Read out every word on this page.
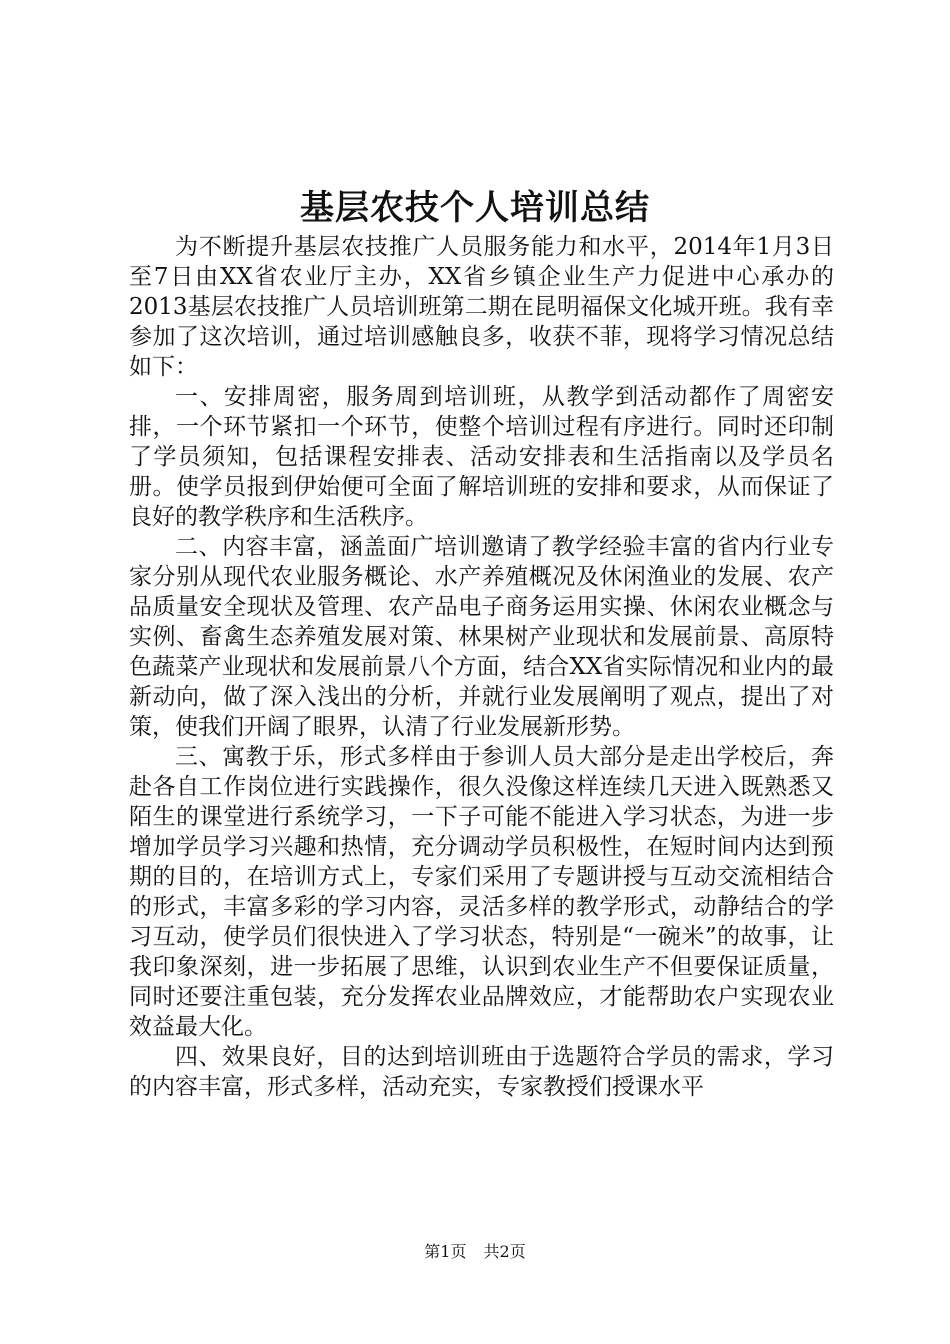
基层农技个人培训总结

为不断提升基层农技推广人员服务能力和水平，2014年1月3日至7日由XX省农业厅主办，XX省乡镇企业生产力促进中心承办的2013基层农技推广人员培训班第二期在昆明福保文化城开班。我有幸参加了这次培训，通过培训感触良多，收获不菲，现将学习情况总结如下：

一、安排周密，服务周到培训班，从教学到活动都作了周密安排，一个环节紧扣一个环节，使整个培训过程有序进行。同时还印制了学员须知，包括课程安排表、活动安排表和生活指南以及学员名册。使学员报到伊始便可全面了解培训班的安排和要求，从而保证了良好的教学秩序和生活秩序。

二、内容丰富，涵盖面广培训邀请了教学经验丰富的省内行业专家分别从现代农业服务概论、水产养殖概况及休闲渔业的发展、农产品质量安全现状及管理、农产品电子商务运用实操、休闲农业概念与实例、畜禽生态养殖发展对策、林果树产业现状和发展前景、高原特色蔬菜产业现状和发展前景八个方面，结合XX省实际情况和业内的最新动向，做了深入浅出的分析，并就行业发展阐明了观点，提出了对策，使我们开阔了眼界，认清了行业发展新形势。

三、寓教于乐，形式多样由于参训人员大部分是走出学校后，奔赴各自工作岗位进行实践操作，很久没像这样连续几天进入既熟悉又陌生的课堂进行系统学习，一下子可能不能进入学习状态，为进一步增加学员学习兴趣和热情，充分调动学员积极性，在短时间内达到预期的目的，在培训方式上，专家们采用了专题讲授与互动交流相结合的形式，丰富多彩的学习内容，灵活多样的教学形式，动静结合的学习互动，使学员们很快进入了学习状态，特别是“一碗米”的故事，让我印象深刻，进一步拓展了思维，认识到农业生产不但要保证质量，同时还要注重包装，充分发挥农业品牌效应，才能帮助农户实现农业效益最大化。

四、效果良好，目的达到培训班由于选题符合学员的需求，学习的内容丰富，形式多样，活动充实，专家教授们授课水平

第1页 共2页
